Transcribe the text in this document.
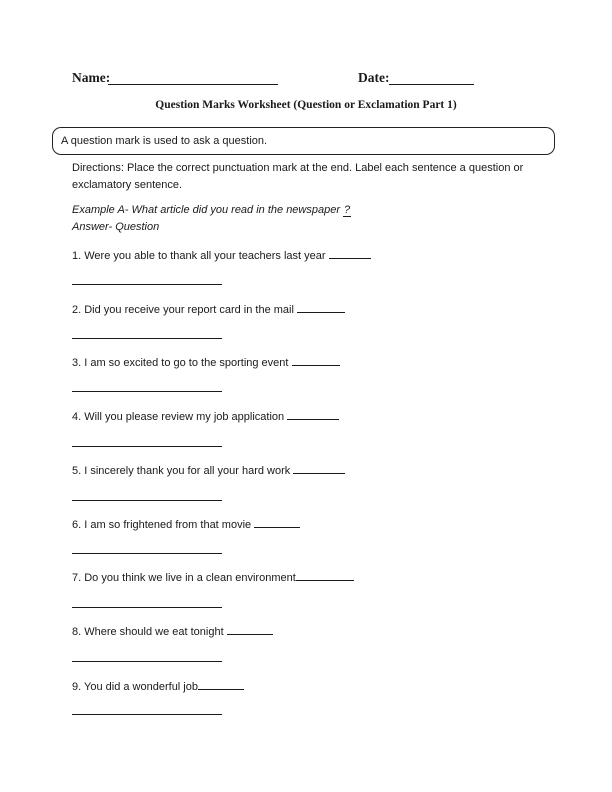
Name:	Date:
Question Marks Worksheet (Question or Exclamation Part 1)
A question mark is used to ask a question.
Directions: Place the correct punctuation mark at the end. Label each sentence a question or exclamatory sentence.
Example A- What article did you read in the newspaper ?
Answer- Question
1. Were you able to thank all your teachers last year
2. Did you receive your report card in the mail
3. I am so excited to go to the sporting event
4. Will you please review my job application
5. I sincerely thank you for all your hard work
6. I am so frightened from that movie
7. Do you think we live in a clean environment
8. Where should we eat tonight
9. You did a wonderful job
